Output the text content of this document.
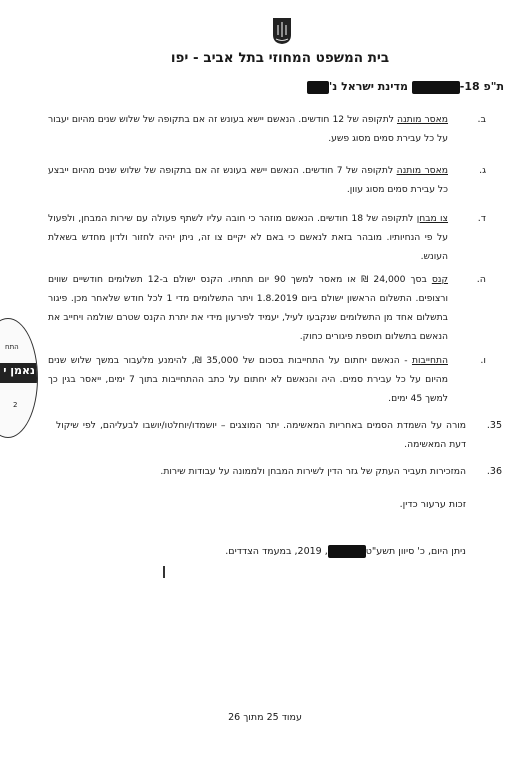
בית המשפט המחוזי בתל אביב - יפו
ת"פ 18- מדינת ישראל נ'
ב.
מאסר מותנה לתקופה של 12 חודשים. הנאשם יישא בעונש זה אם בתקופה של שלוש שנים מהיום יעבור על כל עבירת סמים מסוג פשע.
ג.
מאסר מותנה לתקופה של 7 חודשים. הנאשם יישא בעונש זה אם בתקופה של שלוש שנים מהיום ייבצע כל עבירת סמים מסוג עוון.
ד.
צו מבחן לתקופה של 18 חודשים. הנאשם מוזהר כי חובה עליו לשתף פעולה עם שירות המבחן, ולפעול על פי הנחיותיו. מובהר בזאת לנאשם כי באם לא יקיים צו זה, ניתן יהיה לחזור ולדון מחדש בשאלת העונש.
ה.
קנס בסך 24,000 ₪ או מאסר למשך 90 יום תחתיו. הקנס ישולם ב-12 תשלומים חודשיים שווים ורצופים. התשלום הראשון ישולם ביום 1.8.2019 ויתר התשלומים מדי 1 לכל חודש שלאחר מכן. פיגור בתשלום אחד מן התשלומים שנקבעו לעיל, יעמיד לפירעון מידי את יתרת הקנס שטרם שולמה ויחייב את הנאשם בתשלום תוספת פיגורים כחוק.
ו.
התחייבות - הנאשם יחתום על התחייבות בסכום של 35,000 ₪, להימנע מלעבור במשך שלוש שנים מהיום על כל עבירת סמים. היה והנאשם לא יחתום על כתב ההתחייבות בתוך 7 ימים, ייאסר בגין כך למשך 45 ימים.
35.
מורה על השמדת הסמים באחריות המאשימה. יתר המוצגים – יושמדו/יוחלטו/יושבו לבעליהם, לפי שיקול דעת המאשימה.
36.
המזכירות תעביר העתק של גזר הדין לשירות המבחן ולממונה על עבודות שירות.
זכות ערעור כדין.
ניתן היום, כ' סיוון תשע"ט, 2019, במעמד הצדדים.
התח
נאמן י
2
עמוד 25 מתוך 26
